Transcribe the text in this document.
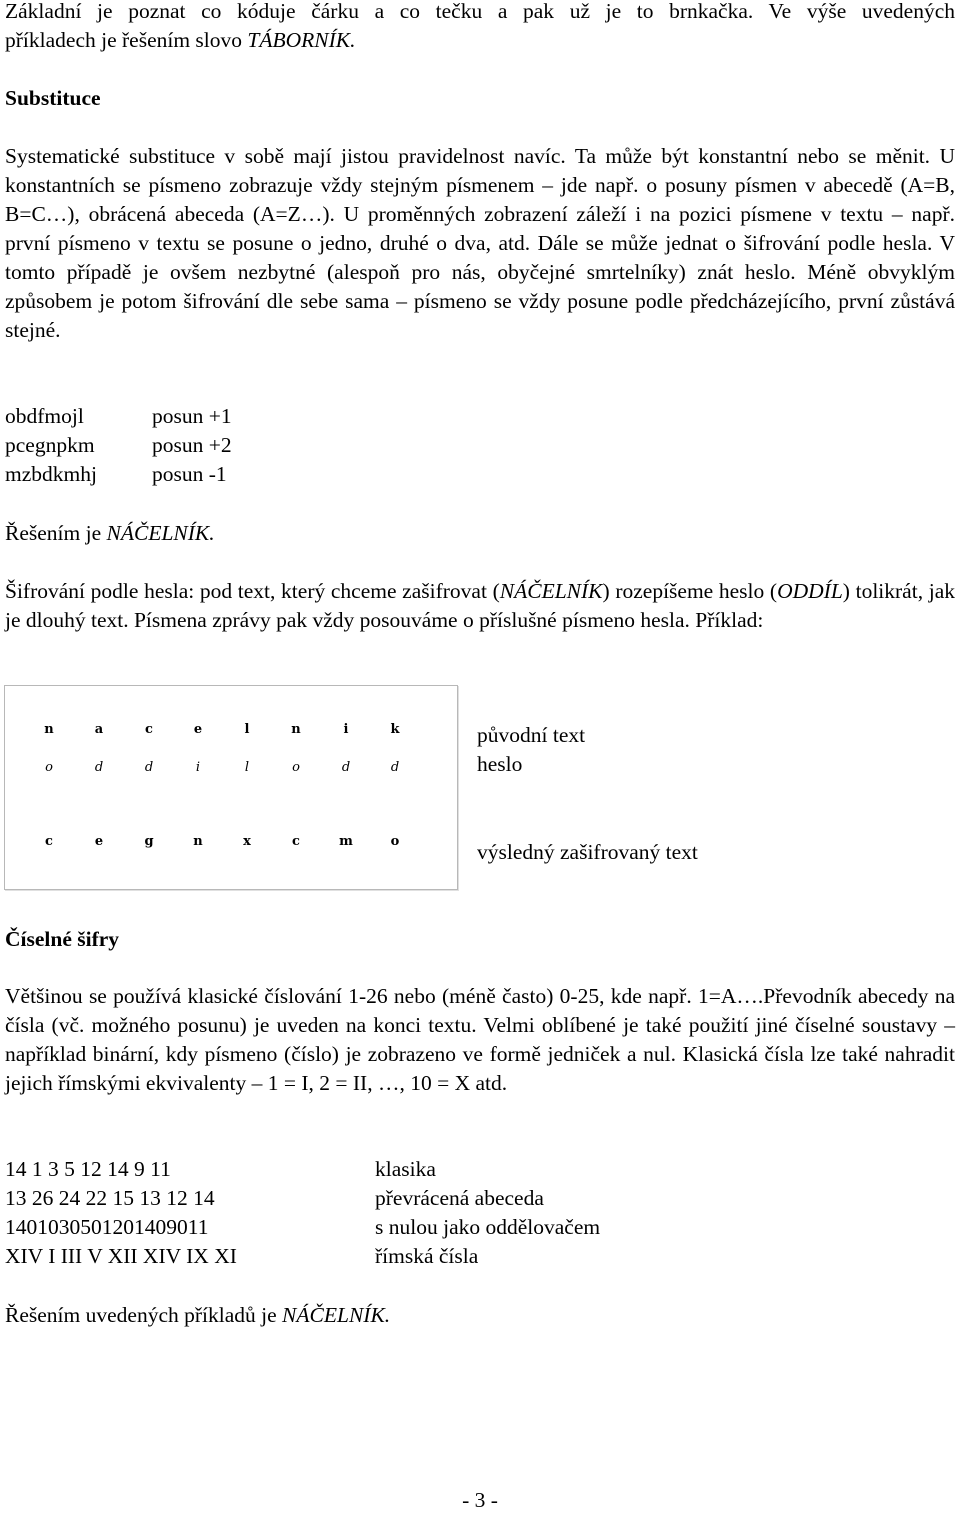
Základní je poznat co kóduje čárku a co tečku a pak už je to brnkačka. Ve výše uvedených

příkladech je řešením slovo TÁBORNÍK.

Substituce
Systematické substituce v sobě mají jistou pravidelnost navíc. Ta může být konstantní nebo se měnit. U konstantních se písmeno zobrazuje vždy stejným písmenem – jde např. o posuny písmen v abecedě (A=B, B=C…), obrácená abeceda (A=Z…). U proměnných zobrazení záleží i na pozici písmene v textu – např. první písmeno v textu se posune o jedno, druhé o dva, atd. Dále se může jednat o šifrování podle hesla. V tomto případě je ovšem nezbytné (alespoň pro nás, obyčejné smrtelníky) znát heslo. Méně obvyklým způsobem je potom šifrování dle sebe sama – písmeno se vždy posune podle předcházejícího, první zůstává stejné.
obdfmojl	posun +1
pcegnpkm	posun +2
mzbdkmhj	posun -1
Řešením je NÁČELNÍK.
Šifrování podle hesla: pod text, který chceme zašifrovat (NÁČELNÍK) rozepíšeme heslo (ODDÍL) tolikrát, jak je dlouhý text. Písmena zprávy pak vždy posouváme o příslušné písmeno hesla. Příklad:
n	a	c	e	l	n	i	k
o	d	d	i	l	o	d	d
c	e	g	n	x	c	m	o
původní text
heslo
výsledný zašifrovaný text
Číselné šifry
Většinou se používá klasické číslování 1-26 nebo (méně často) 0-25, kde např. 1=A….Převodník abecedy na čísla (vč. možného posunu) je uveden na konci textu. Velmi oblíbené je také použití jiné číselné soustavy – například binární, kdy písmeno (číslo) je zobrazeno ve formě jedniček a nul. Klasická čísla lze také nahradit jejich římskými ekvivalenty – 1 = I, 2 = II, …, 10 = X atd.
14 1 3 5 12 14 9 11	klasika
13 26 24 22 15 13 12 14	převrácená abeceda
1401030501201409011	s nulou jako oddělovačem
XIV I III V XII XIV IX XI	římská čísla
Řešením uvedených příkladů je NÁČELNÍK.
- 3 -
